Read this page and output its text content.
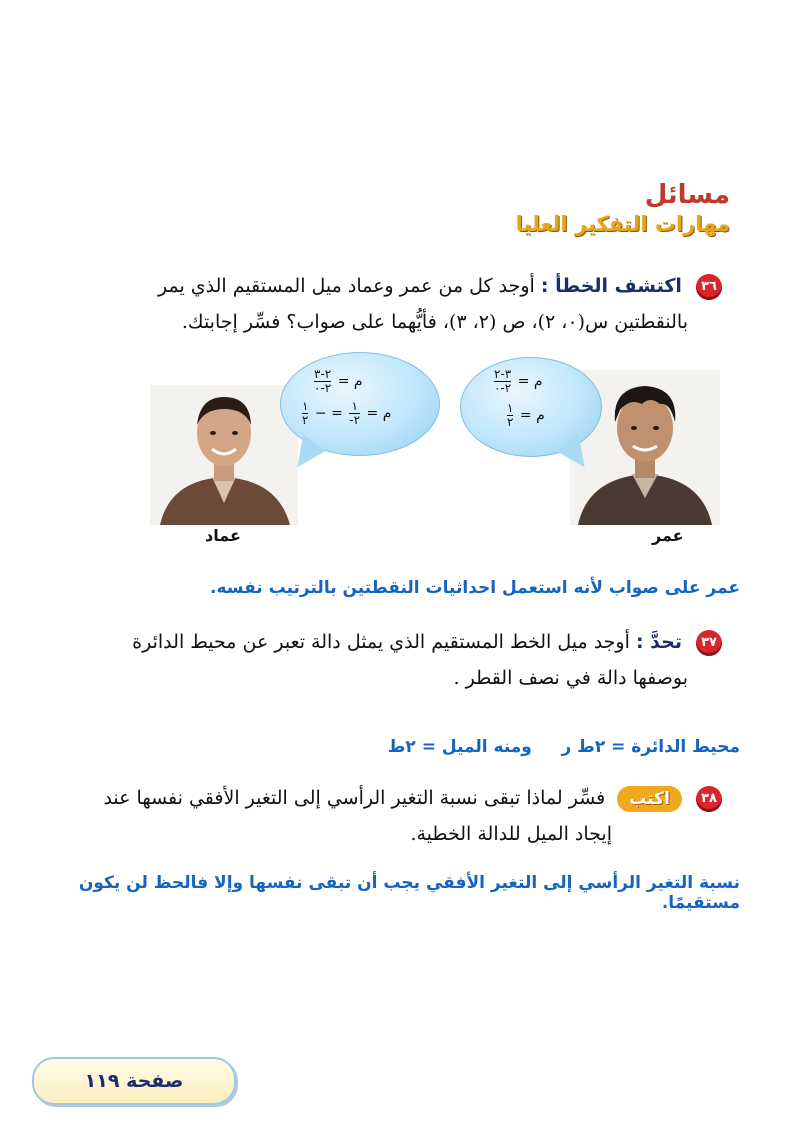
مسائل
مهارات التفكير العليا
٣٦ اكتشف الخطأ : أوجد كل من عمر وعماد ميل المستقيم الذي يمر
بالنقطتين س(٠، ٢)، ص (٢، ٣)، فأيُّهما على صواب؟ فسِّر إجابتك.
عماد
م =
$\frac{٢-٣}{٢-٠}$
م =
$\frac{١}{٢-}$
= −
$\frac{١}{٢}$
عمر
م =
$\frac{٣-٢}{٢-٠}$
م =
$\frac{١}{٢}$
عمر على صواب لأنه استعمل احداثيات النقطتين بالترتيب نفسه.
٣٧ تحدَّ : أوجد ميل الخط المستقيم الذي يمثل دالة تعبر عن محيط الدائرة
بوصفها دالة في نصف القطر .
محيط الدائرة = ٢ط ر     ومنه الميل = ٢ط
٣٨ اكتب فسِّر لماذا تبقى نسبة التغير الرأسي إلى التغير الأفقي نفسها عند
إيجاد الميل للدالة الخطية.
نسبة التغير الرأسي إلى التغير الأفقي يجب أن تبقى نفسها وإلا فالحظ لن يكون مستقيمًا.
صفحة ١١٩
